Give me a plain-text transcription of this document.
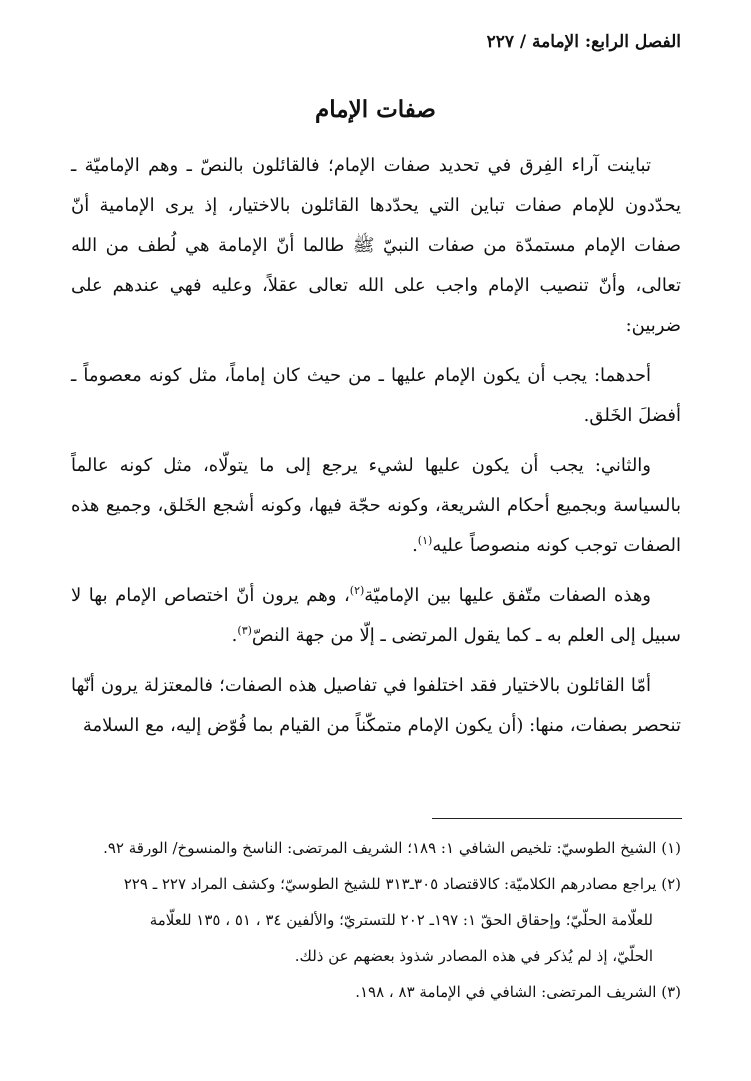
الفصل الرابع: الإمامة / ٢٢٧
صفات الإمام

تباينت آراء الفِرق في تحديد صفات الإمام؛ فالقائلون بالنصّ ـ وهم الإماميّة ـ يحدّدون للإمام صفات تباين التي يحدّدها القائلون بالاختيار، إذ يرى الإمامية أنّ صفات الإمام مستمدّة من صفات النبيّ ﷺ طالما أنّ الإمامة هي لُطف من الله تعالى، وأنّ تنصيب الإمام واجب على الله تعالى عقلاً، وعليه فهي عندهم على ضربين:

أحدهما: يجب أن يكون الإمام عليها ـ من حيث كان إماماً، مثل كونه معصوماً ـ أفضلَ الخَلق.

والثاني: يجب أن يكون عليها لشيء يرجع إلى ما يتولّاه، مثل كونه عالماً بالسياسة وبجميع أحكام الشريعة، وكونه حجّة فيها، وكونه أشجع الخَلق، وجميع هذه الصفات توجب كونه منصوصاً عليه$^{(١)}$.

وهذه الصفات متّفق عليها بين الإماميّة$^{(٢)}$، وهم يرون أنّ اختصاص الإمام بها لا سبيل إلى العلم به ـ كما يقول المرتضى ـ إلّا من جهة النصّ$^{(٣)}$.

أمّا القائلون بالاختيار فقد اختلفوا في تفاصيل هذه الصفات؛ فالمعتزلة يرون أنّها تنحصر بصفات، منها: (أن يكون الإمام متمكّناً من القيام بما فُوّض إليه، مع السلامة

(١) الشيخ الطوسيّ: تلخيص الشافي ١: ١٨٩؛ الشريف المرتضى: الناسخ والمنسوخ/ الورقة ٩٢.

(٢) يراجع مصادرهم الكلاميّة: كالاقتصاد ٣٠٥ـ٣١٣ للشيخ الطوسيّ؛ وكشف المراد ٢٢٧ ـ ٢٢٩

للعلّامة الحلّيّ؛ وإحقاق الحقّ ١: ١٩٧ـ ٢٠٢ للتستريّ؛ والألفين ٣٤ ، ٥١ ، ١٣٥ للعلّامة

الحلّيّ، إذ لم يُذكر في هذه المصادر شذوذ بعضهم عن ذلك.

(٣) الشريف المرتضى: الشافي في الإمامة ٨٣ ، ١٩٨.
